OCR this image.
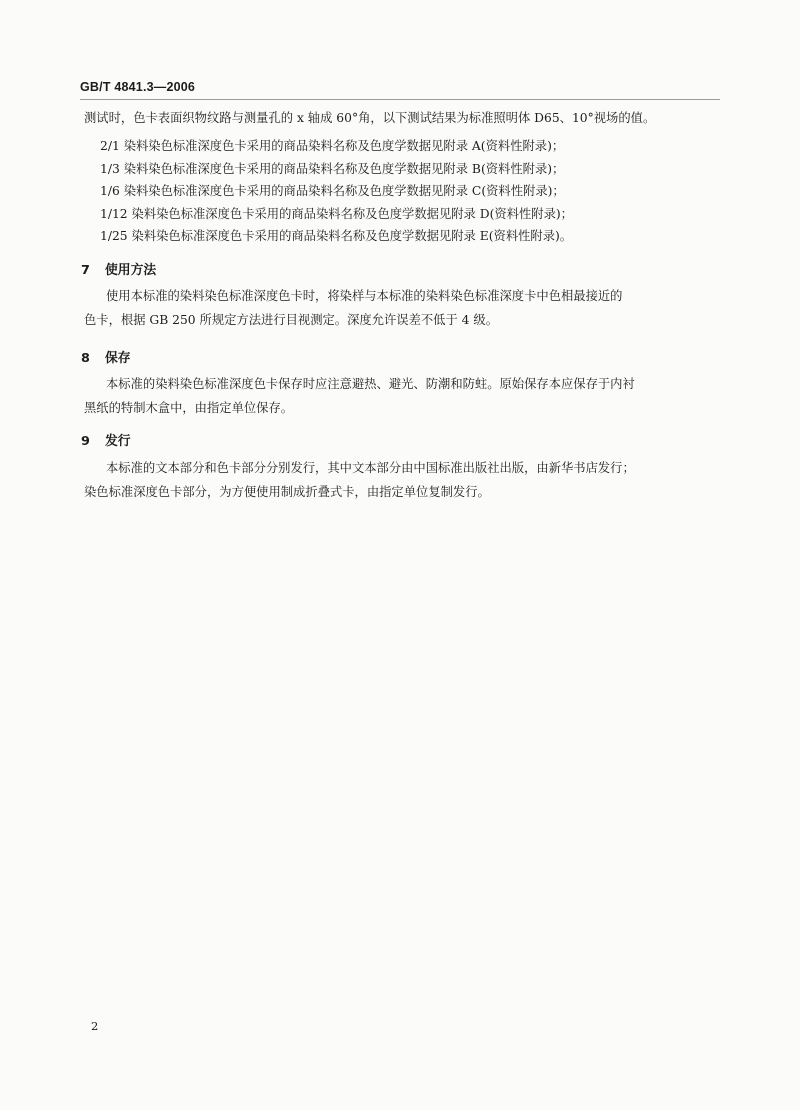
GB/T 4841.3—2006
测试时，色卡表面织物纹路与测量孔的 x 轴成 60°角，以下测试结果为标准照明体 D65、10°视场的值。
2/1 染料染色标准深度色卡采用的商品染料名称及色度学数据见附录 A(资料性附录)；
1/3 染料染色标准深度色卡采用的商品染料名称及色度学数据见附录 B(资料性附录)；
1/6 染料染色标准深度色卡采用的商品染料名称及色度学数据见附录 C(资料性附录)；
1/12 染料染色标准深度色卡采用的商品染料名称及色度学数据见附录 D(资料性附录)；
1/25 染料染色标准深度色卡采用的商品染料名称及色度学数据见附录 E(资料性附录)。
7 使用方法
使用本标准的染料染色标准深度色卡时，将染样与本标准的染料染色标准深度卡中色相最接近的
色卡，根据 GB 250 所规定方法进行目视测定。深度允许误差不低于 4 级。
8 保存
本标准的染料染色标准深度色卡保存时应注意避热、避光、防潮和防蛀。原始保存本应保存于内衬
黑纸的特制木盒中，由指定单位保存。
9 发行
本标准的文本部分和色卡部分分别发行，其中文本部分由中国标准出版社出版，由新华书店发行；
染色标准深度色卡部分，为方便使用制成折叠式卡，由指定单位复制发行。
2
